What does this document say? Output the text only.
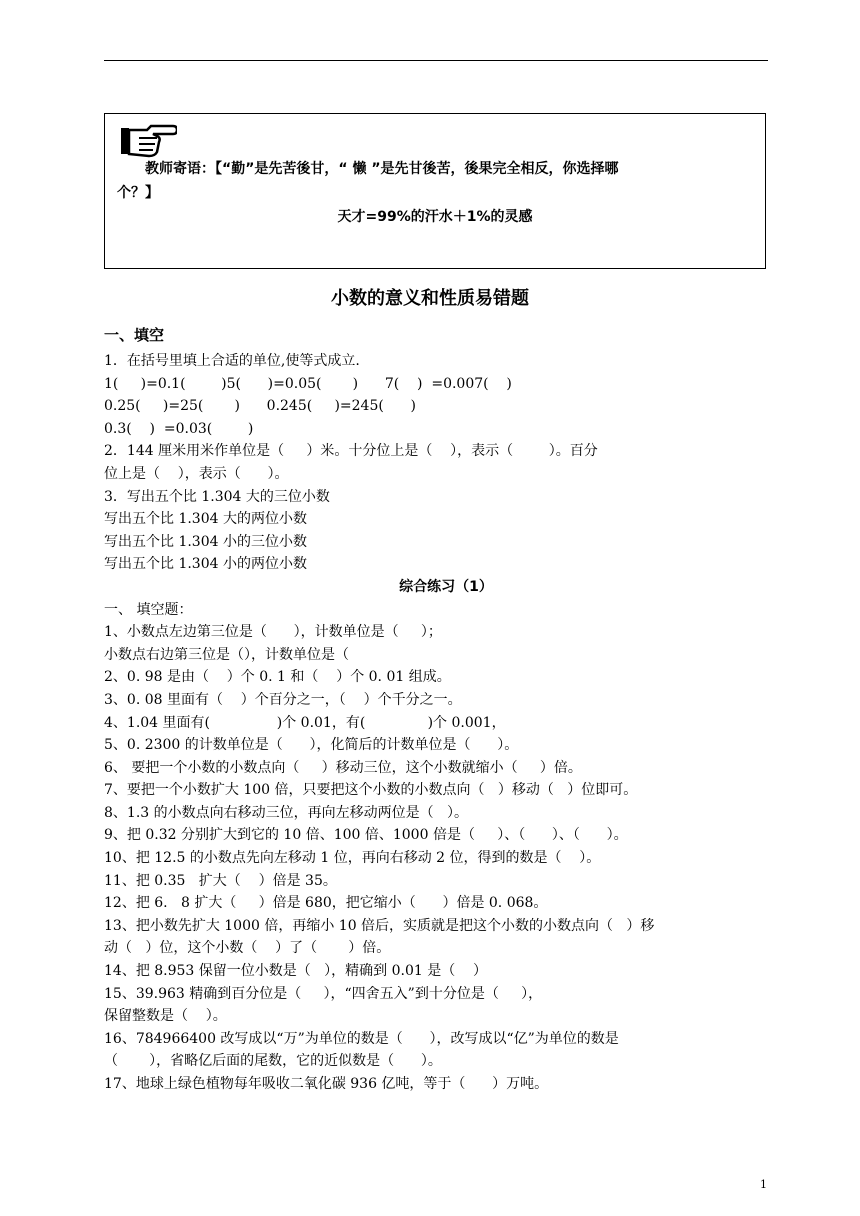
教师寄语：【“勤”是先苦後甘，“ 懒 ”是先甘後苦，後果完全相反，你选择哪
个？】
天才=99%的汗水＋1%的灵感
小数的意义和性质易错题
一、填空
1．在括号里填上合适的单位,使等式成立.
1(     )=0.1(        )5(      )=0.05(       )      7(    )  =0.007(    )
0.25(     )=25(       )      0.245(     )=245(      )
0.3(    )  =0.03(        )
2．144 厘米用米作单位是（     ）米。十分位上是（    ），表示（        ）。百分
位上是（    ），表示（      ）。
3．写出五个比 1.304 大的三位小数
写出五个比 1.304 大的两位小数
写出五个比 1.304 小的三位小数
写出五个比 1.304 小的两位小数
综合练习（1）
一、 填空题：
1、小数点左边第三位是（      ），计数单位是（     ）；
小数点右边第三位是（），计数单位是（
2、0. 98 是由（    ）个 0. 1 和（    ）个 0. 01 组成。
3、0. 08 里面有（    ）个百分之一，（    ）个千分之一。
4、1.04 里面有(               )个 0.01，有(              )个 0.001，
5、0. 2300 的计数单位是（      ），化简后的计数单位是（      ）。
6、 要把一个小数的小数点向（     ）移动三位，这个小数就缩小（     ）倍。
7、要把一个小数扩大 100 倍，只要把这个小数的小数点向（   ）移动（   ）位即可。
8、1.3 的小数点向右移动三位，再向左移动两位是（   ）。
9、把 0.32 分别扩大到它的 10 倍、100 倍、1000 倍是（     ）、（      ）、（      ）。
10、把 12.5 的小数点先向左移动 1 位，再向右移动 2 位，得到的数是（    ）。
11、把 0.35   扩大（    ）倍是 35。
12、把 6.   8 扩大（     ）倍是 680，把它缩小（      ）倍是 0. 068。
13、把小数先扩大 1000 倍，再缩小 10 倍后，实质就是把这个小数的小数点向（   ）移
动（   ）位，这个小数（    ）了（       ）倍。
14、把 8.953 保留一位小数是（   ），精确到 0.01 是（    ）
15、39.963 精确到百分位是（     ），“四舍五入”到十分位是（     ），
保留整数是（    ）。
16、784966400 改写成以“万”为单位的数是（      ），改写成以“亿”为单位的数是
（       ），省略亿后面的尾数，它的近似数是（      ）。
17、地球上绿色植物每年吸收二氧化碳 936 亿吨，等于（      ）万吨。
1
